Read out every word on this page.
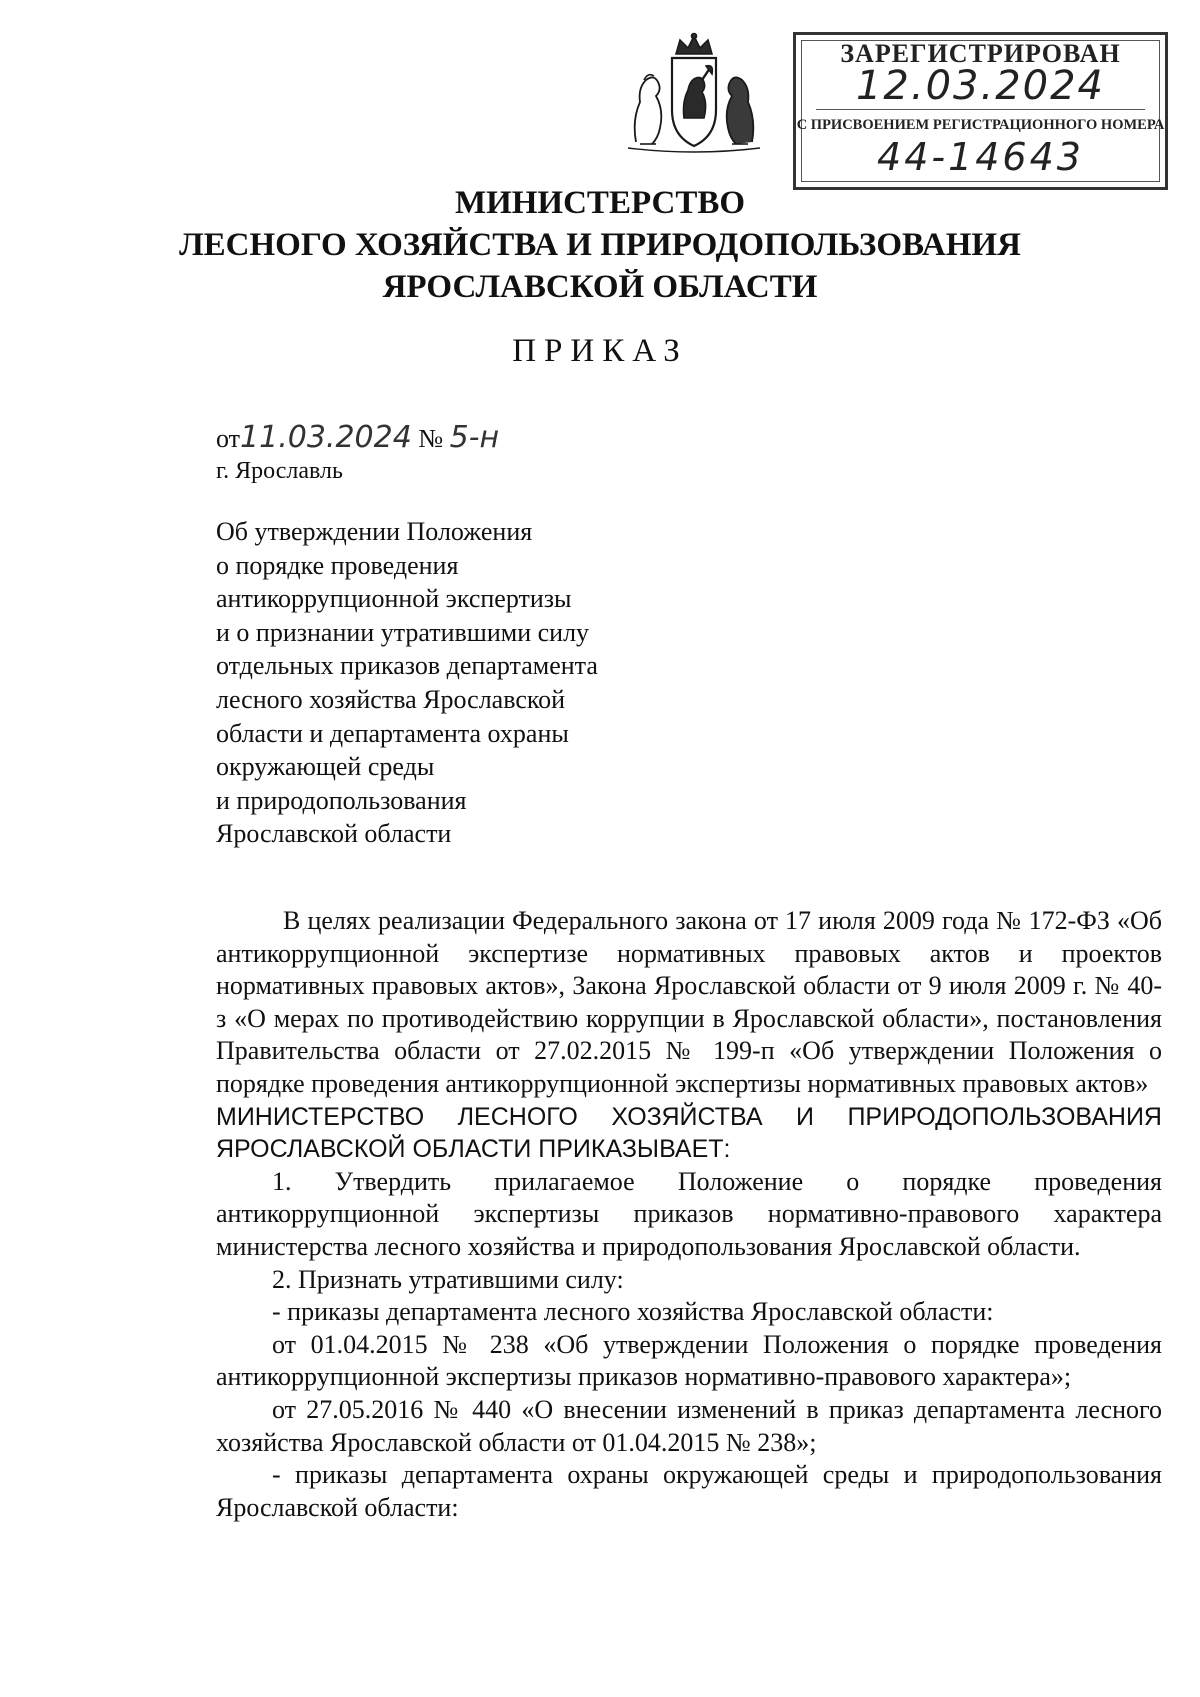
ЗАРЕГИСТРИРОВАН
12.03.2024
С ПРИСВОЕНИЕМ РЕГИСТРАЦИОННОГО НОМЕРА
44-14643
МИНИСТЕРСТВО
ЛЕСНОГО ХОЗЯЙСТВА И ПРИРОДОПОЛЬЗОВАНИЯ
ЯРОСЛАВСКОЙ ОБЛАСТИ
ПРИКАЗ
от11.03.2024 № 5-н
г. Ярославль
Об утверждении Положения
о порядке проведения
антикоррупционной экспертизы
и о признании утратившими силу
отдельных приказов департамента
лесного хозяйства Ярославской
области и департамента охраны
окружающей среды
и природопользования
Ярославской области
В целях реализации Федерального закона от 17 июля 2009 года № 172-ФЗ «Об антикоррупционной экспертизе нормативных правовых актов и проектов нормативных правовых актов», Закона Ярославской области от 9 июля 2009 г. № 40-з «О мерах по противодействию коррупции в Ярославской области», постановления Правительства области от 27.02.2015 № 199-п «Об утверждении Положения о порядке проведения антикоррупционной экспертизы нормативных правовых актов»
МИНИСТЕРСТВО ЛЕСНОГО ХОЗЯЙСТВА И ПРИРОДОПОЛЬЗОВАНИЯ ЯРОСЛАВСКОЙ ОБЛАСТИ ПРИКАЗЫВАЕТ:
1. Утвердить прилагаемое Положение о порядке проведения антикоррупционной экспертизы приказов нормативно-правового характера министерства лесного хозяйства и природопользования Ярославской области.
2. Признать утратившими силу:
- приказы департамента лесного хозяйства Ярославской области:
от 01.04.2015 № 238 «Об утверждении Положения о порядке проведения антикоррупционной экспертизы приказов нормативно-правового характера»;
от 27.05.2016 № 440 «О внесении изменений в приказ департамента лесного хозяйства Ярославской области от 01.04.2015 № 238»;
- приказы департамента охраны окружающей среды и природопользования Ярославской области:
